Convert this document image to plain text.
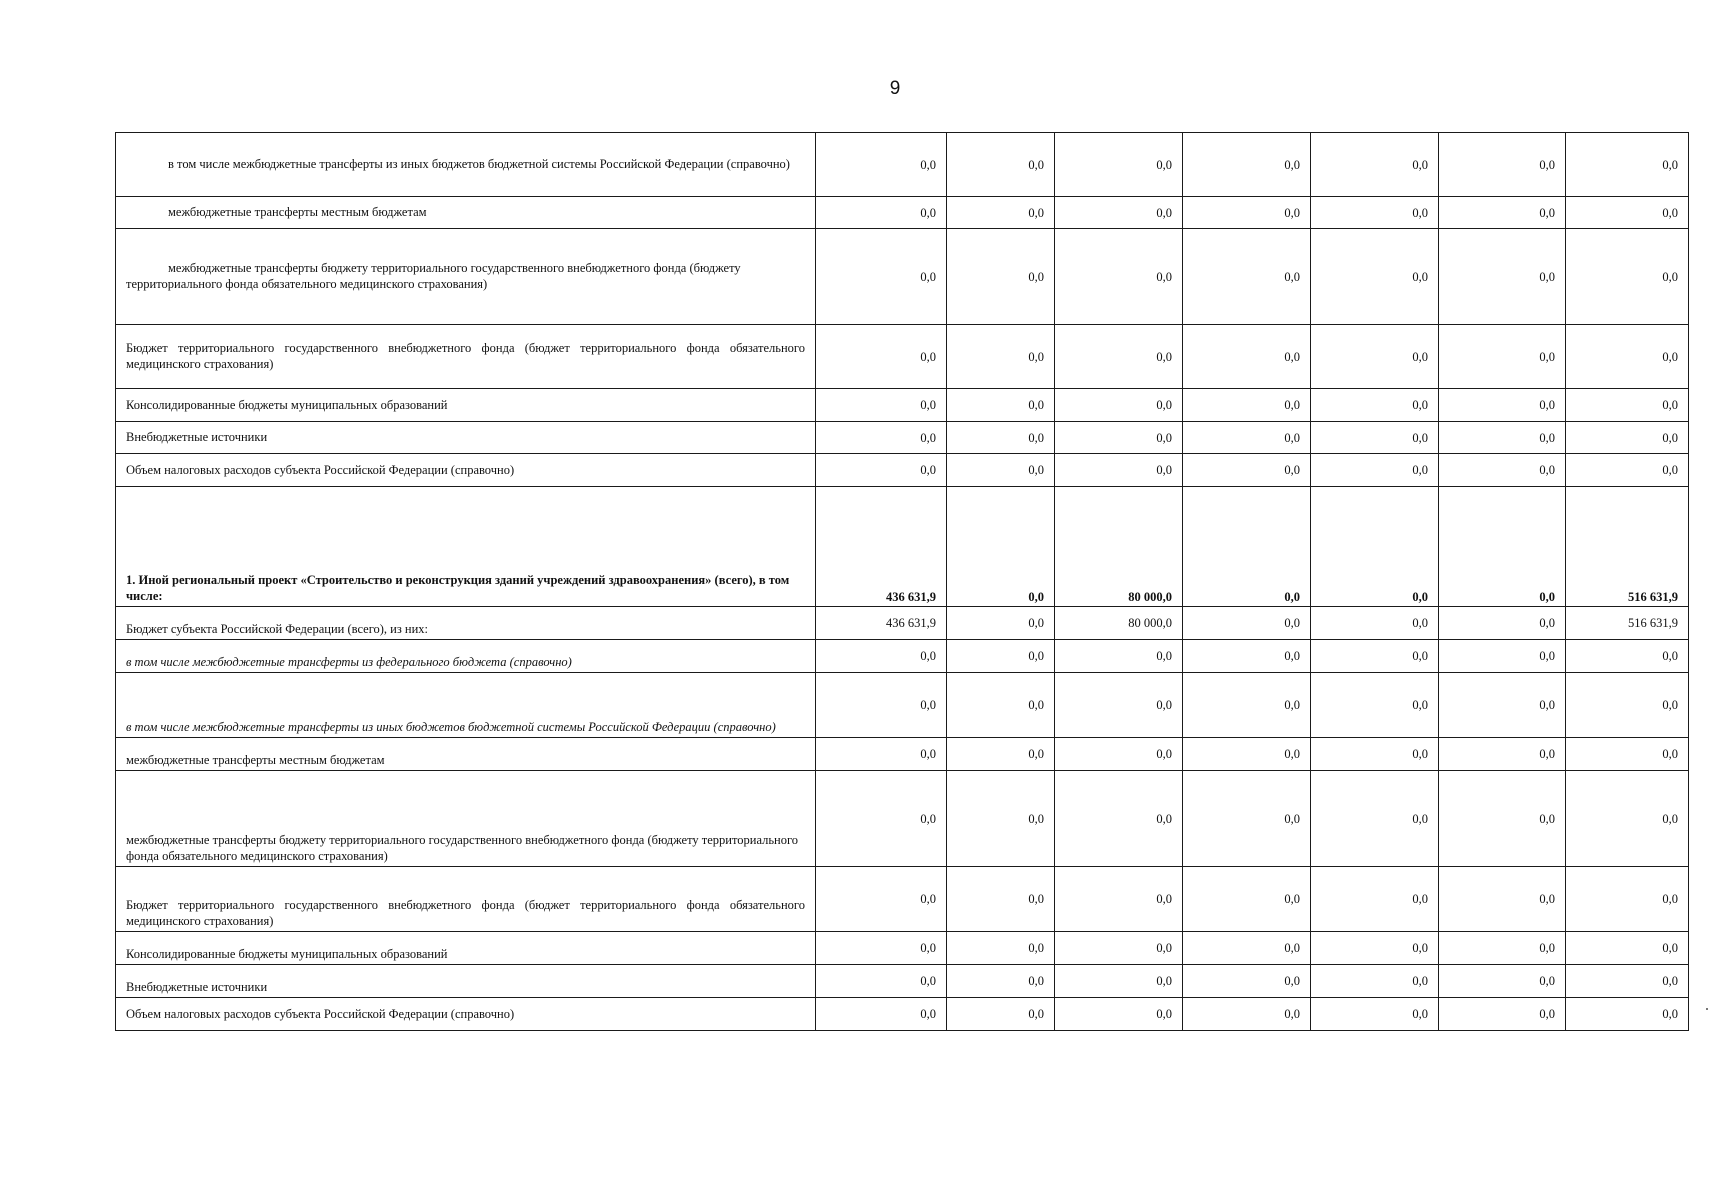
9
в том числе межбюджетные трансферты из иных бюджетов бюджетной системы Российской Федерации (справочно)	0,0	0,0	0,0	0,0	0,0	0,0	0,0
межбюджетные трансферты местным бюджетам	0,0	0,0	0,0	0,0	0,0	0,0	0,0
межбюджетные трансферты бюджету территориального государственного внебюджетного фонда (бюджету территориального фонда обязательного медицинского страхования)	0,0	0,0	0,0	0,0	0,0	0,0	0,0
Бюджет территориального государственного внебюджетного фонда (бюджет территориального фонда обязательного медицинского страхования)	0,0	0,0	0,0	0,0	0,0	0,0	0,0
Консолидированные бюджеты муниципальных образований	0,0	0,0	0,0	0,0	0,0	0,0	0,0
Внебюджетные источники	0,0	0,0	0,0	0,0	0,0	0,0	0,0
Объем налоговых расходов субъекта Российской Федерации (справочно)	0,0	0,0	0,0	0,0	0,0	0,0	0,0
1. Иной региональный проект «Строительство и реконструкция зданий учреждений здравоохранения» (всего), в том числе:	436 631,9	0,0	80 000,0	0,0	0,0	0,0	516 631,9
Бюджет субъекта Российской Федерации (всего), из них:	436 631,9	0,0	80 000,0	0,0	0,0	0,0	516 631,9
в том числе межбюджетные трансферты из федерального бюджета (справочно)	0,0	0,0	0,0	0,0	0,0	0,0	0,0
в том числе межбюджетные трансферты из иных бюджетов бюджетной системы Российской Федерации (справочно)	0,0	0,0	0,0	0,0	0,0	0,0	0,0
межбюджетные трансферты местным бюджетам	0,0	0,0	0,0	0,0	0,0	0,0	0,0
межбюджетные трансферты бюджету территориального государственного внебюджетного фонда (бюджету территориального фонда обязательного медицинского страхования)	0,0	0,0	0,0	0,0	0,0	0,0	0,0
Бюджет территориального государственного внебюджетного фонда (бюджет территориального фонда обязательного медицинского страхования)	0,0	0,0	0,0	0,0	0,0	0,0	0,0
Консолидированные бюджеты муниципальных образований	0,0	0,0	0,0	0,0	0,0	0,0	0,0
Внебюджетные источники	0,0	0,0	0,0	0,0	0,0	0,0	0,0
Объем налоговых расходов субъекта Российской Федерации (справочно)	0,0	0,0	0,0	0,0	0,0	0,0	0,0
